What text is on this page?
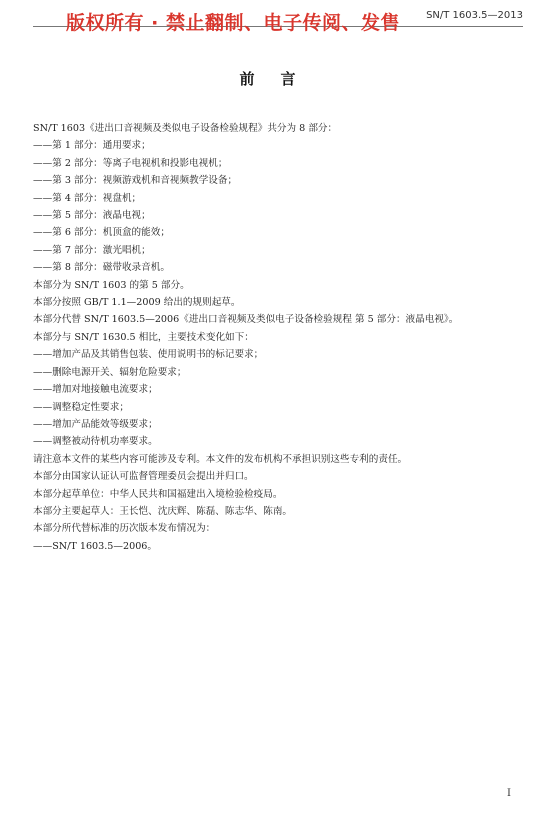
版权所有 · 禁止翻制、电子传阅、发售	SN/T 1603.5—2013
前言
SN/T 1603《进出口音视频及类似电子设备检验规程》共分为 8 部分：
——第 1 部分：通用要求；
——第 2 部分：等离子电视机和投影电视机；
——第 3 部分：视频游戏机和音视频教学设备；
——第 4 部分：视盘机；
——第 5 部分：液晶电视；
——第 6 部分：机顶盒的能效；
——第 7 部分：激光唱机；
——第 8 部分：磁带收录音机。
本部分为 SN/T 1603 的第 5 部分。
本部分按照 GB/T 1.1—2009 给出的规则起草。
本部分代替 SN/T 1603.5—2006《进出口音视频及类似电子设备检验规程 第 5 部分：液晶电视》。
本部分与 SN/T 1630.5 相比，主要技术变化如下：
——增加产品及其销售包装、使用说明书的标记要求；
——删除电源开关、辐射危险要求；
——增加对地接触电流要求；
——调整稳定性要求；
——增加产品能效等级要求；
——调整被动待机功率要求。
请注意本文件的某些内容可能涉及专利。本文件的发布机构不承担识别这些专利的责任。
本部分由国家认证认可监督管理委员会提出并归口。
本部分起草单位：中华人民共和国福建出入境检验检疫局。
本部分主要起草人：王长恺、沈庆辉、陈磊、陈志华、陈南。
本部分所代替标准的历次版本发布情况为：
——SN/T 1603.5—2006。
I
